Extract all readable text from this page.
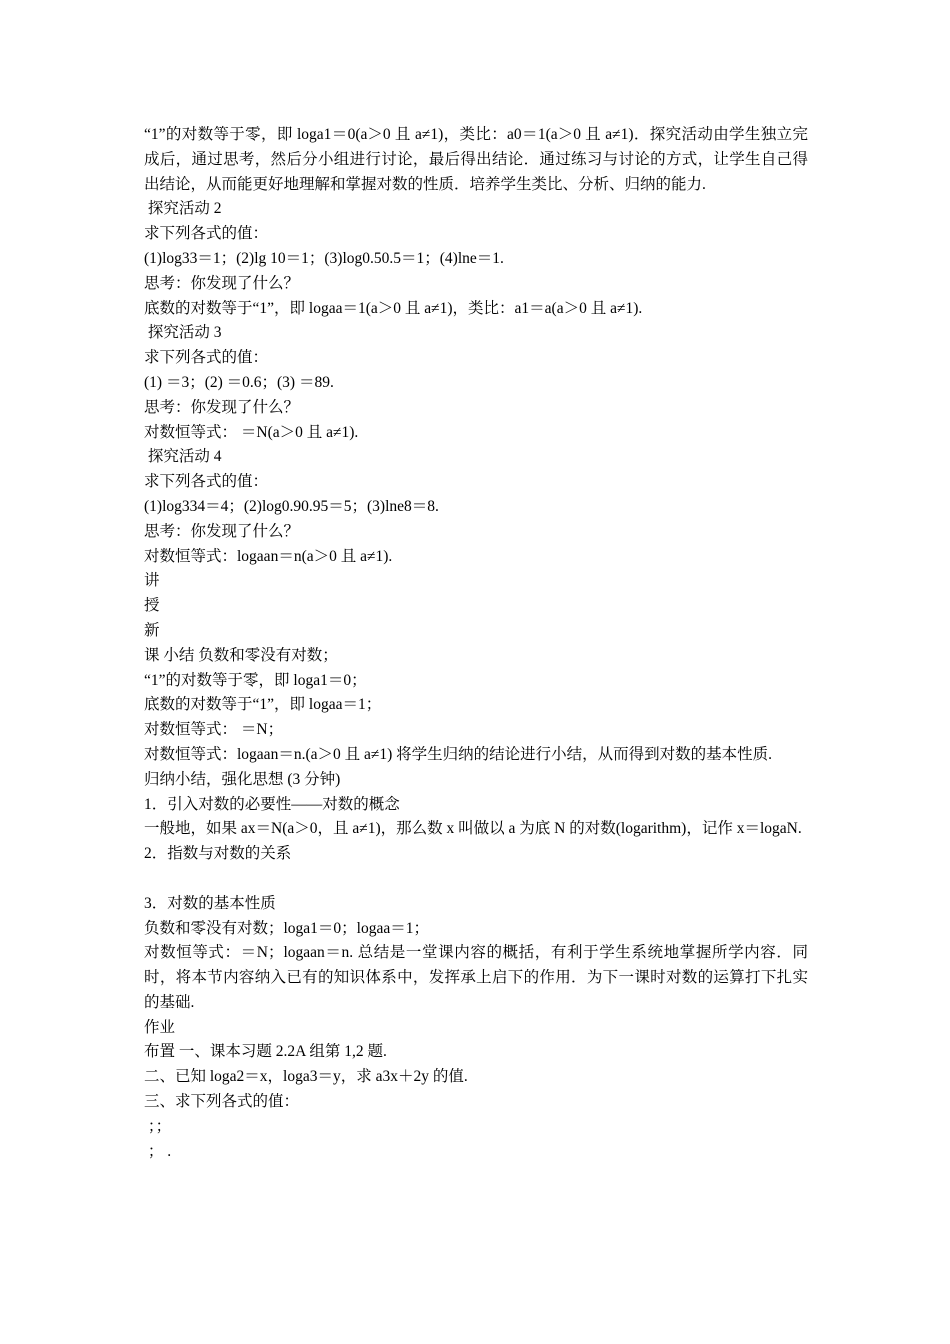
“1”的对数等于零，即 loga1＝0(a＞0 且 a≠1)，类比：a0＝1(a＞0 且 a≠1)．探究活动由学生独立完成后，通过思考，然后分小组进行讨论，最后得出结论．通过练习与讨论的方式，让学生自己得出结论，从而能更好地理解和掌握对数的性质．培养学生类比、分析、归纳的能力.
探究活动 2
求下列各式的值：
(1)log33＝1；(2)lg 10＝1；(3)log0.50.5＝1；(4)lne＝1.
思考：你发现了什么？
底数的对数等于“1”，即 logaa＝1(a＞0 且 a≠1)，类比：a1＝a(a＞0 且 a≠1).
探究活动 3
求下列各式的值：
(1) ＝3；(2) ＝0.6；(3) ＝89.
思考：你发现了什么？
对数恒等式： ＝N(a＞0 且 a≠1).
探究活动 4
求下列各式的值：
(1)log334＝4；(2)log0.90.95＝5；(3)lne8＝8.
思考：你发现了什么？
对数恒等式：logaan＝n(a＞0 且 a≠1).
讲
授
新
课 小结 负数和零没有对数；
“1”的对数等于零，即 loga1＝0；
底数的对数等于“1”，即 logaa＝1；
对数恒等式： ＝N；
对数恒等式：logaan＝n.(a＞0 且 a≠1) 将学生归纳的结论进行小结，从而得到对数的基本性质.
归纳小结，强化思想 (3 分钟)
1．引入对数的必要性——对数的概念
一般地，如果 ax＝N(a＞0，且 a≠1)，那么数 x 叫做以 a 为底 N 的对数(logarithm)，记作 x＝logaN.
2．指数与对数的关系
3．对数的基本性质
负数和零没有对数；loga1＝0；logaa＝1；
对数恒等式：＝N；logaan＝n. 总结是一堂课内容的概括，有利于学生系统地掌握所学内容．同时，将本节内容纳入已有的知识体系中，发挥承上启下的作用．为下一课时对数的运算打下扎实的基础.
作业
布置 一、课本习题 2.2A 组第 1,2 题.
二、已知 loga2＝x，loga3＝y，求 a3x＋2y 的值.
三、求下列各式的值：
；；
； .
